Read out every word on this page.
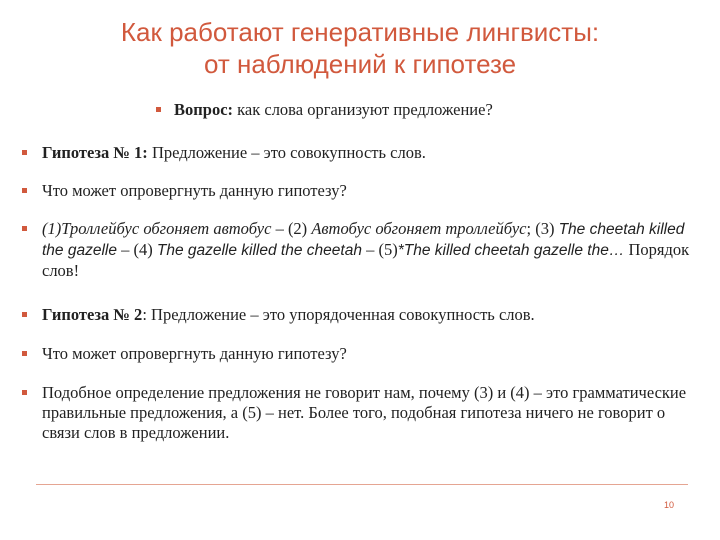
Как работают генеративные лингвисты:
от наблюдений к гипотезе
Вопрос: как слова организуют предложение?
Гипотеза № 1: Предложение – это совокупность слов.
Что может опровергнуть данную гипотезу?
(1)Троллейбус обгоняет автобус – (2) Автобус обгоняет троллейбус; (3) The cheetah killed the gazelle – (4) The gazelle killed the cheetah – (5)*The killed cheetah gazelle the… Порядок слов!
Гипотеза № 2: Предложение – это упорядоченная совокупность слов.
Что может опровергнуть данную гипотезу?
Подобное определение предложения не говорит нам, почему (3) и (4) – это грамматические правильные предложения, а (5) – нет. Более того, подобная гипотеза ничего не говорит о связи слов в предложении.
10
